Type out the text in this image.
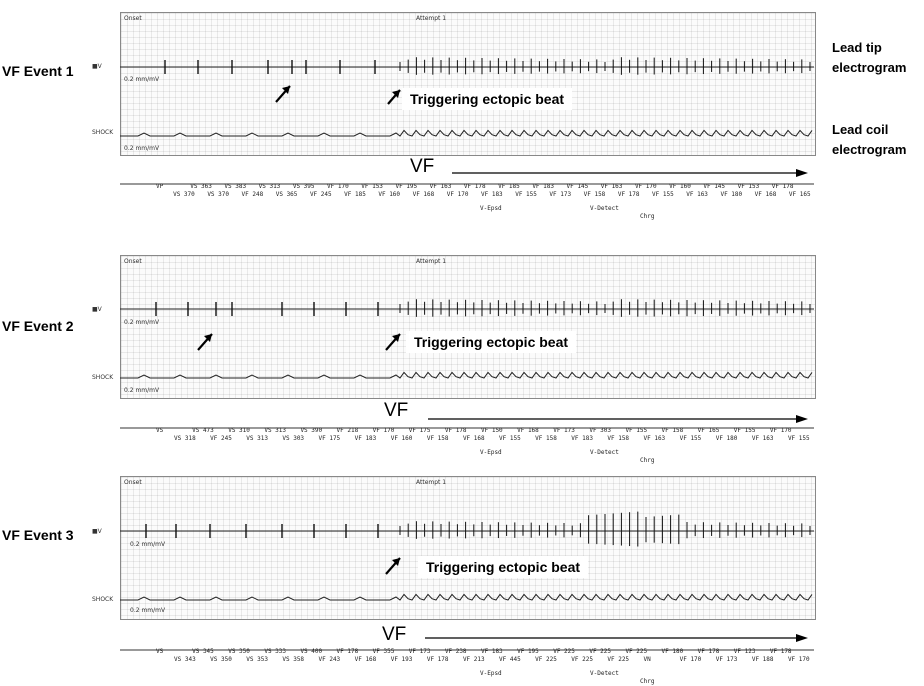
VF Event 1
VF Event 2
VF Event 3
Lead tip electrogram
Lead coil electrogram
Onset	Attempt 1
Onset	Attempt 1
Onset	Attempt 1
■V
0.2 mm/mV
SHOCK
0.2 mm/mV
■V
0.2 mm/mV
SHOCK
0.2 mm/mV
■V
0.2 mm/mV
SHOCK
0.2 mm/mV
Triggering ectopic beat
Triggering ectopic beat
Triggering ectopic beat
VF
VF
VF
VP
VS 370
VS 363
VS 370
VS 383
VF 248
VS 313
VS 365
VS 395
VF 245
VF 170
VF 185
VF 153
VF 160
VF 195
VF 168
VF 163
VF 170
VF 178
VF 183
VF 185
VF 155
VF 183
VF 173
VF 145
VF 158
VF 163
VF 178
VF 170
VF 155
VF 160
VF 163
VF 145
VF 180
VF 153
VF 168
VF 178
VF 165
V-Epsd	V-Detect
Chrg
VS
VS 318
VS 473
VF 245
VS 310
VS 313
VS 313
VS 303
VS 390
VF 175
VF 218
VF 183
VF 170
VF 160
VF 175
VF 158
VF 178
VF 168
VF 150
VF 155
VF 168
VF 158
VF 173
VF 183
VF 303
VF 158
VF 155
VF 163
VF 158
VF 155
VF 165
VF 180
VF 155
VF 163
VF 170
VF 155
V-Epsd	V-Detect
Chrg
VS
VS 343
VS 345
VS 350
VS 350
VS 353
VS 333
VS 358
VS 400
VF 243
VF 178
VF 168
VF 355
VF 193
VF 173
VF 178
VF 238
VF 213
VF 183
VF 445
VF 195
VF 225
VF 225
VF 225
VF 225
VF 225
VF 225
VN
VF 180
VF 170
VF 178
VF 173
VF 123
VF 188
VF 178
VF 170
V-Epsd	V-Detect
Chrg
